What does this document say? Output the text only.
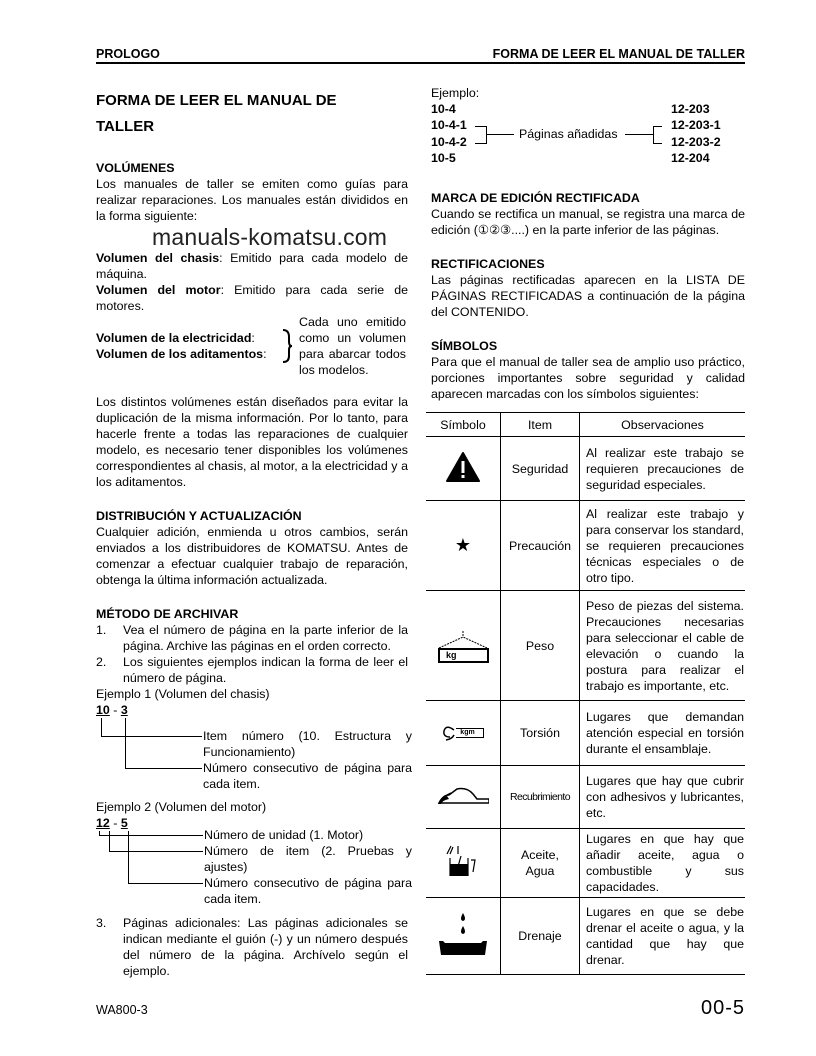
PROLOGO	FORMA DE LEER EL MANUAL DE TALLER
FORMA DE LEER EL MANUAL DE
TALLER
VOLÚMENES

Los manuales de taller se emiten como guías para realizar reparaciones. Los manuales están divididos en la forma siguiente:

manuals-komatsu.com

Volumen del chasis: Emitido para cada modelo de máquina.

Volumen del motor: Emitido para cada serie de motores.

Volumen de la electricidad:
Volumen de los aditamentos:

Cada uno emitido como un volumen para abarcar todos los modelos.

Los distintos volúmenes están diseñados para evitar la duplicación de la misma información. Por lo tanto, para hacerle frente a todas las reparaciones de cualquier modelo, es necesario tener disponibles los volúmenes correspondientes al chasis, al motor, a la electricidad y a los aditamentos.

DISTRIBUCIÓN Y ACTUALIZACIÓN

Cualquier adición, enmienda u otros cambios, serán enviados a los distribuidores de KOMATSU. Antes de comenzar a efectuar cualquier trabajo de reparación, obtenga la última información actualizada.

MÉTODO DE ARCHIVAR
1.	Vea el número de página en la parte inferior de la página. Archive las páginas en el orden correcto.

2.	Los siguientes ejemplos indican la forma de leer el número de página.

Ejemplo 1 (Volumen del chasis)
10 - 3

Item número (10. Estructura y Funcionamiento)

Número consecutivo de página para cada item.

Ejemplo 2 (Volumen del motor)
12 - 5

Número de unidad (1. Motor)

Número de item (2. Pruebas y ajustes)

Número consecutivo de página para cada item.

3.	Páginas adicionales: Las páginas adicionales se indican mediante el guión (-) y un número después del número de la página. Archívelo según el ejemplo.

Ejemplo:
10-4
10-4-1
10-4-2
10-5
Páginas añadidas
12-203
12-203-1
12-203-2
12-204
MARCA DE EDICIÓN RECTIFICADA

Cuando se rectifica un manual, se registra una marca de edición (①②③....) en la parte inferior de las páginas.

RECTIFICACIONES

Las páginas rectificadas aparecen en la LISTA DE PÁGINAS RECTIFICADAS a continuación de la página del CONTENIDO.

SÍMBOLOS

Para que el manual de taller sea de amplio uso práctico, porciones importantes sobre seguridad y calidad aparecen marcadas con los símbolos siguientes:

Símbolo	Item	Observaciones
	Seguridad	Al realizar este trabajo se requieren precauciones de seguridad especiales.
★	Precaución	Al realizar este trabajo y para conservar los standard, se requieren precauciones técnicas especiales o de otro tipo.

kg	Peso	Peso de piezas del sistema. Precauciones necesarias para seleccionar el cable de elevación o cuando la postura para realizar el trabajo es importante, etc.

kgm	Torsión	Lugares que demandan atención especial en torsión durante el ensamblaje.
	Recubrimiento	Lugares que hay que cubrir con adhesivos y lubricantes, etc.
	Aceite, Agua	Lugares en que hay que añadir aceite, agua o combustible y sus capacidades.
	Drenaje	Lugares en que se debe drenar el aceite o agua, y la cantidad que hay que drenar.
WA800-3	00-5
